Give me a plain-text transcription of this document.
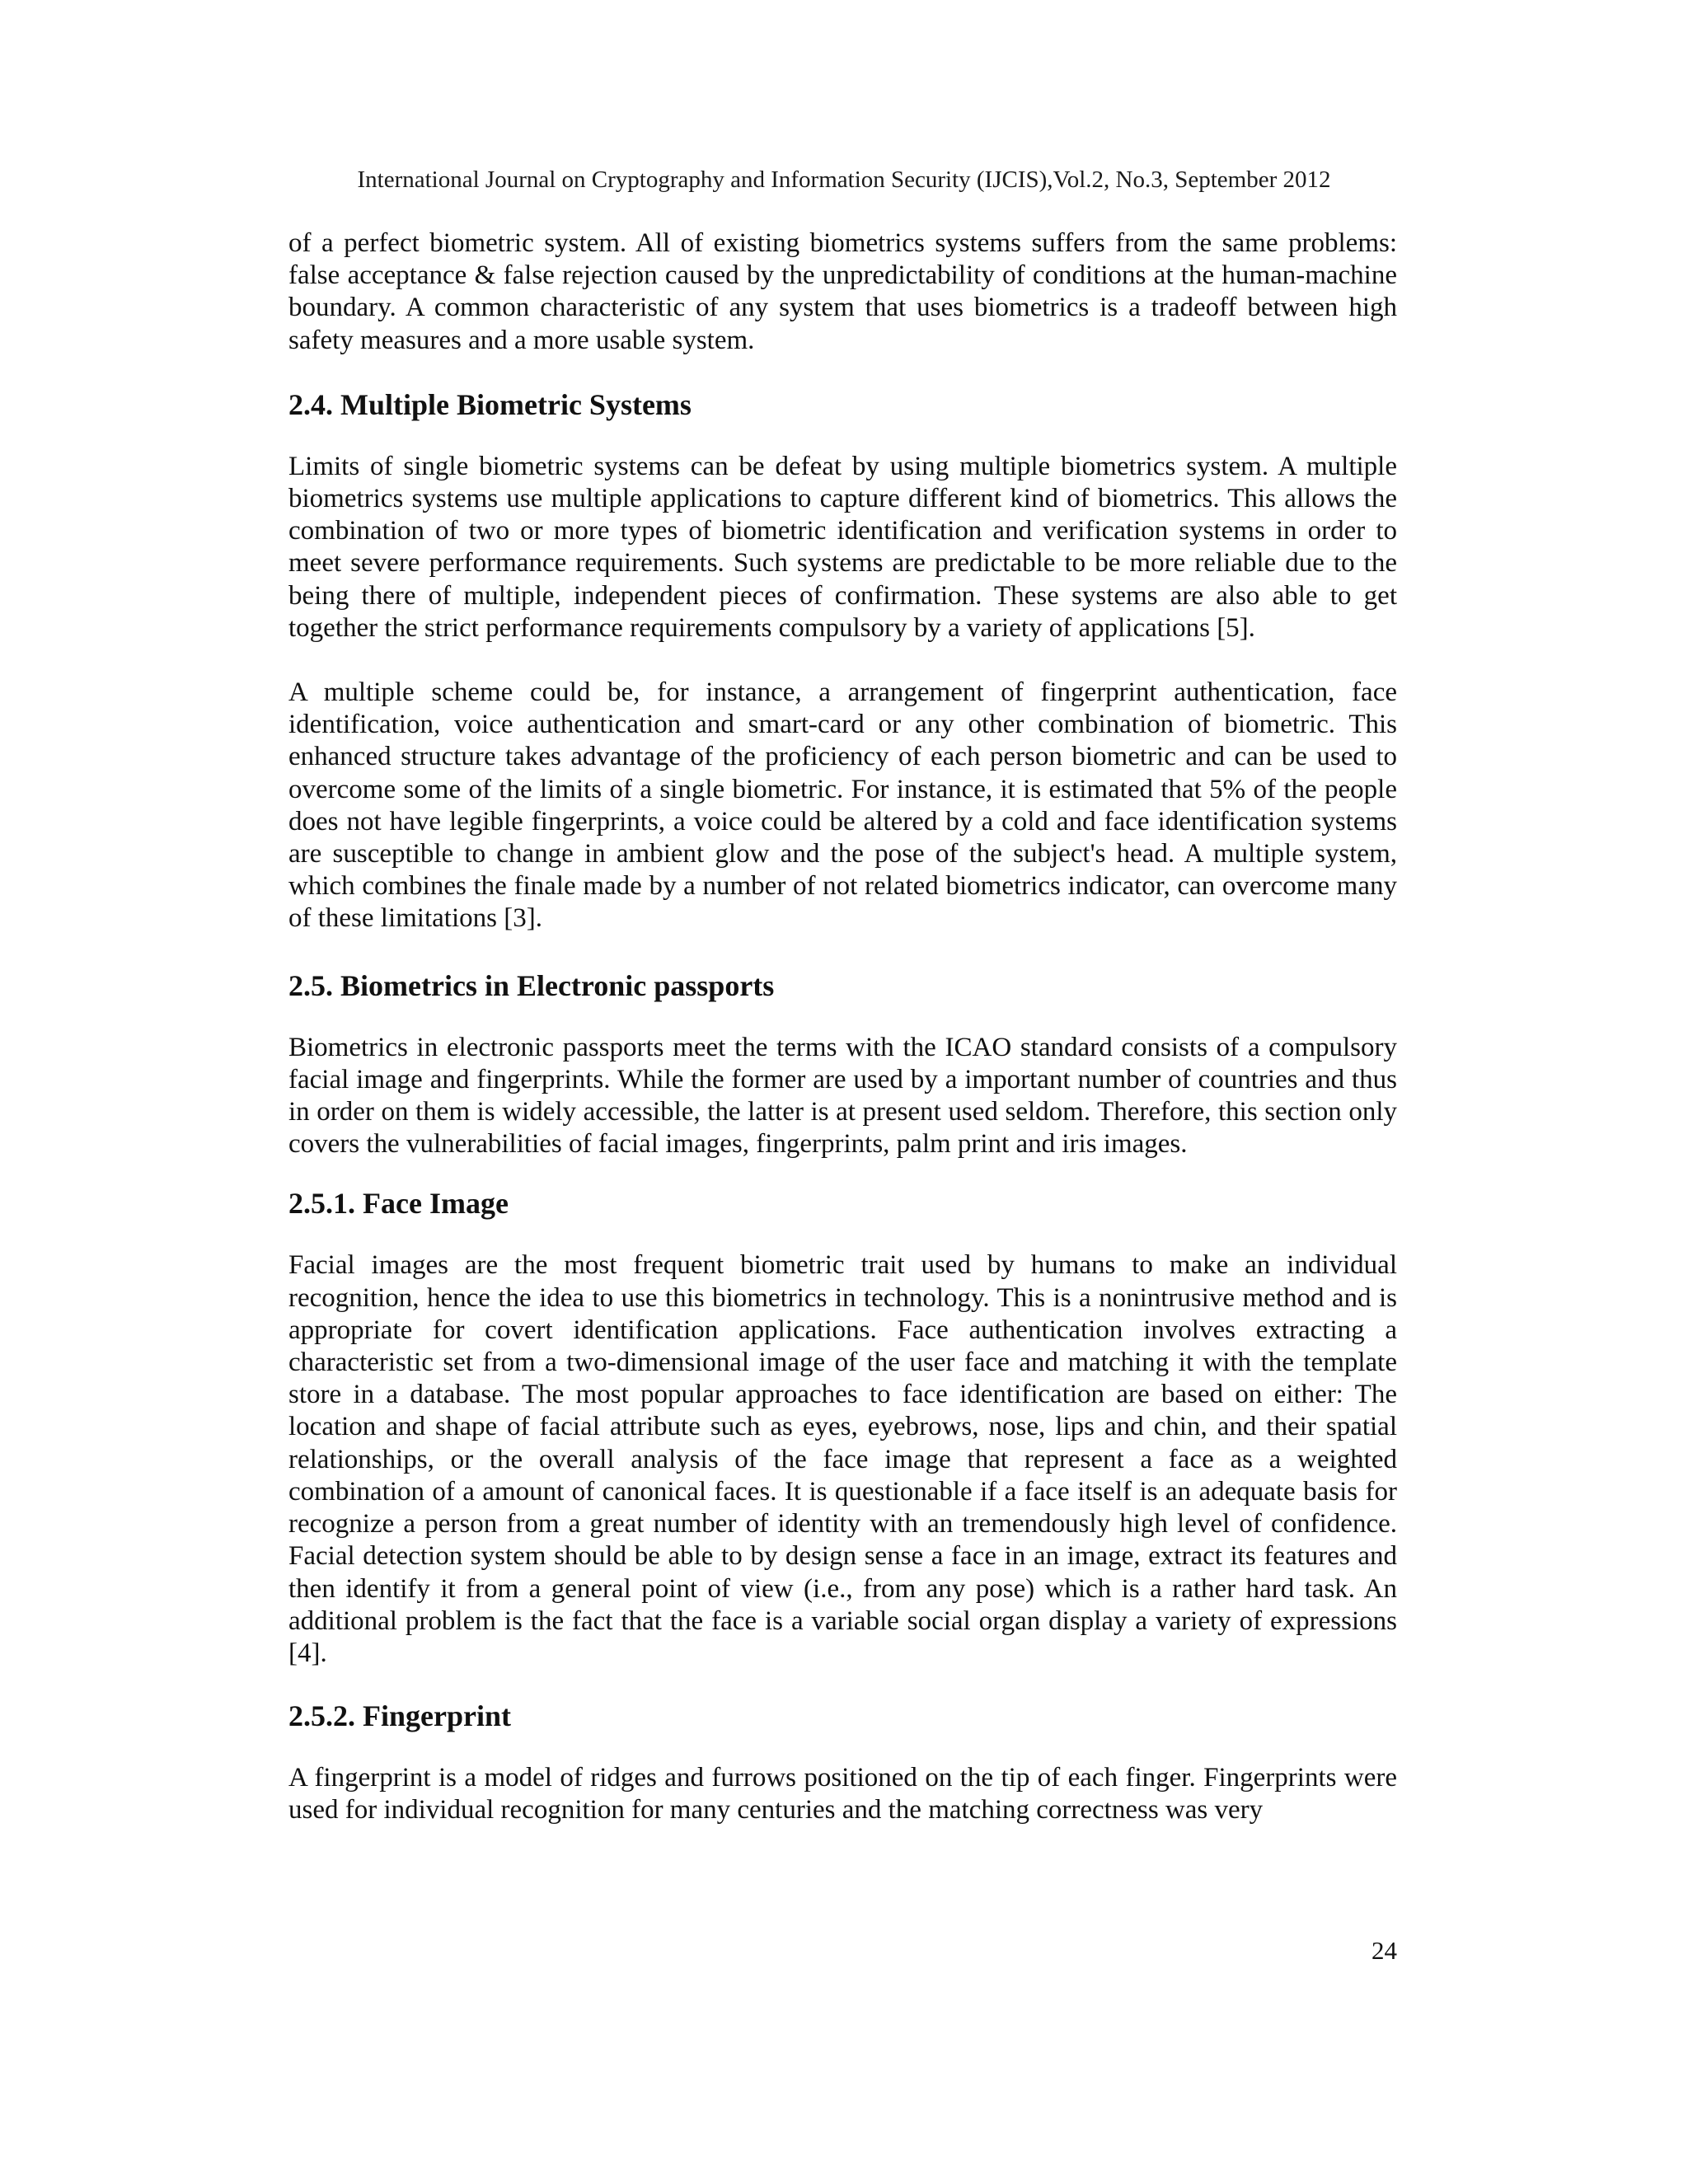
International Journal on Cryptography and Information Security (IJCIS),Vol.2, No.3, September 2012

of a perfect biometric system. All of existing biometrics systems suffers from the same problems: false acceptance & false rejection caused by the unpredictability of conditions at the human-machine boundary. A common characteristic of any system that uses biometrics is a tradeoff between high safety measures and a more usable system.

2.4. Multiple Biometric Systems

Limits of single biometric systems can be defeat by using multiple biometrics system. A multiple biometrics systems use multiple applications to capture different kind of biometrics. This allows the combination of two or more types of biometric identification and verification systems in order to meet severe performance requirements. Such systems are predictable to be more reliable due to the being there of multiple, independent pieces of confirmation. These systems are also able to get together the strict performance requirements compulsory by a variety of applications [5].

A multiple scheme could be, for instance, a arrangement of fingerprint authentication, face identification, voice authentication and smart-card or any other combination of biometric. This enhanced structure takes advantage of the proficiency of each person biometric and can be used to overcome some of the limits of a single biometric. For instance, it is estimated that 5% of the people does not have legible fingerprints, a voice could be altered by a cold and face identification systems are susceptible to change in ambient glow and the pose of the subject's head. A multiple system, which combines the finale made by a number of not related biometrics indicator, can overcome many of these limitations [3].

2.5. Biometrics in Electronic passports

Biometrics in electronic passports meet the terms with the ICAO standard consists of a compulsory facial image and fingerprints. While the former are used by a important number of countries and thus in order on them is widely accessible, the latter is at present used seldom. Therefore, this section only covers the vulnerabilities of facial images, fingerprints, palm print and iris images.

2.5.1. Face Image

Facial images are the most frequent biometric trait used by humans to make an individual recognition, hence the idea to use this biometrics in technology. This is a nonintrusive method and is appropriate for covert identification applications. Face authentication involves extracting a characteristic set from a two-dimensional image of the user face and matching it with the template store in a database. The most popular approaches to face identification are based on either: The location and shape of facial attribute such as eyes, eyebrows, nose, lips and chin, and their spatial relationships, or the overall analysis of the face image that represent a face as a weighted combination of a amount of canonical faces. It is questionable if a face itself is an adequate basis for recognize a person from a great number of identity with an tremendously high level of confidence. Facial detection system should be able to by design sense a face in an image, extract its features and then identify it from a general point of view (i.e., from any pose) which is a rather hard task. An additional problem is the fact that the face is a variable social organ display a variety of expressions [4].

2.5.2. Fingerprint

A fingerprint is a model of ridges and furrows positioned on the tip of each finger. Fingerprints were used for individual recognition for many centuries and the matching correctness was very

24
